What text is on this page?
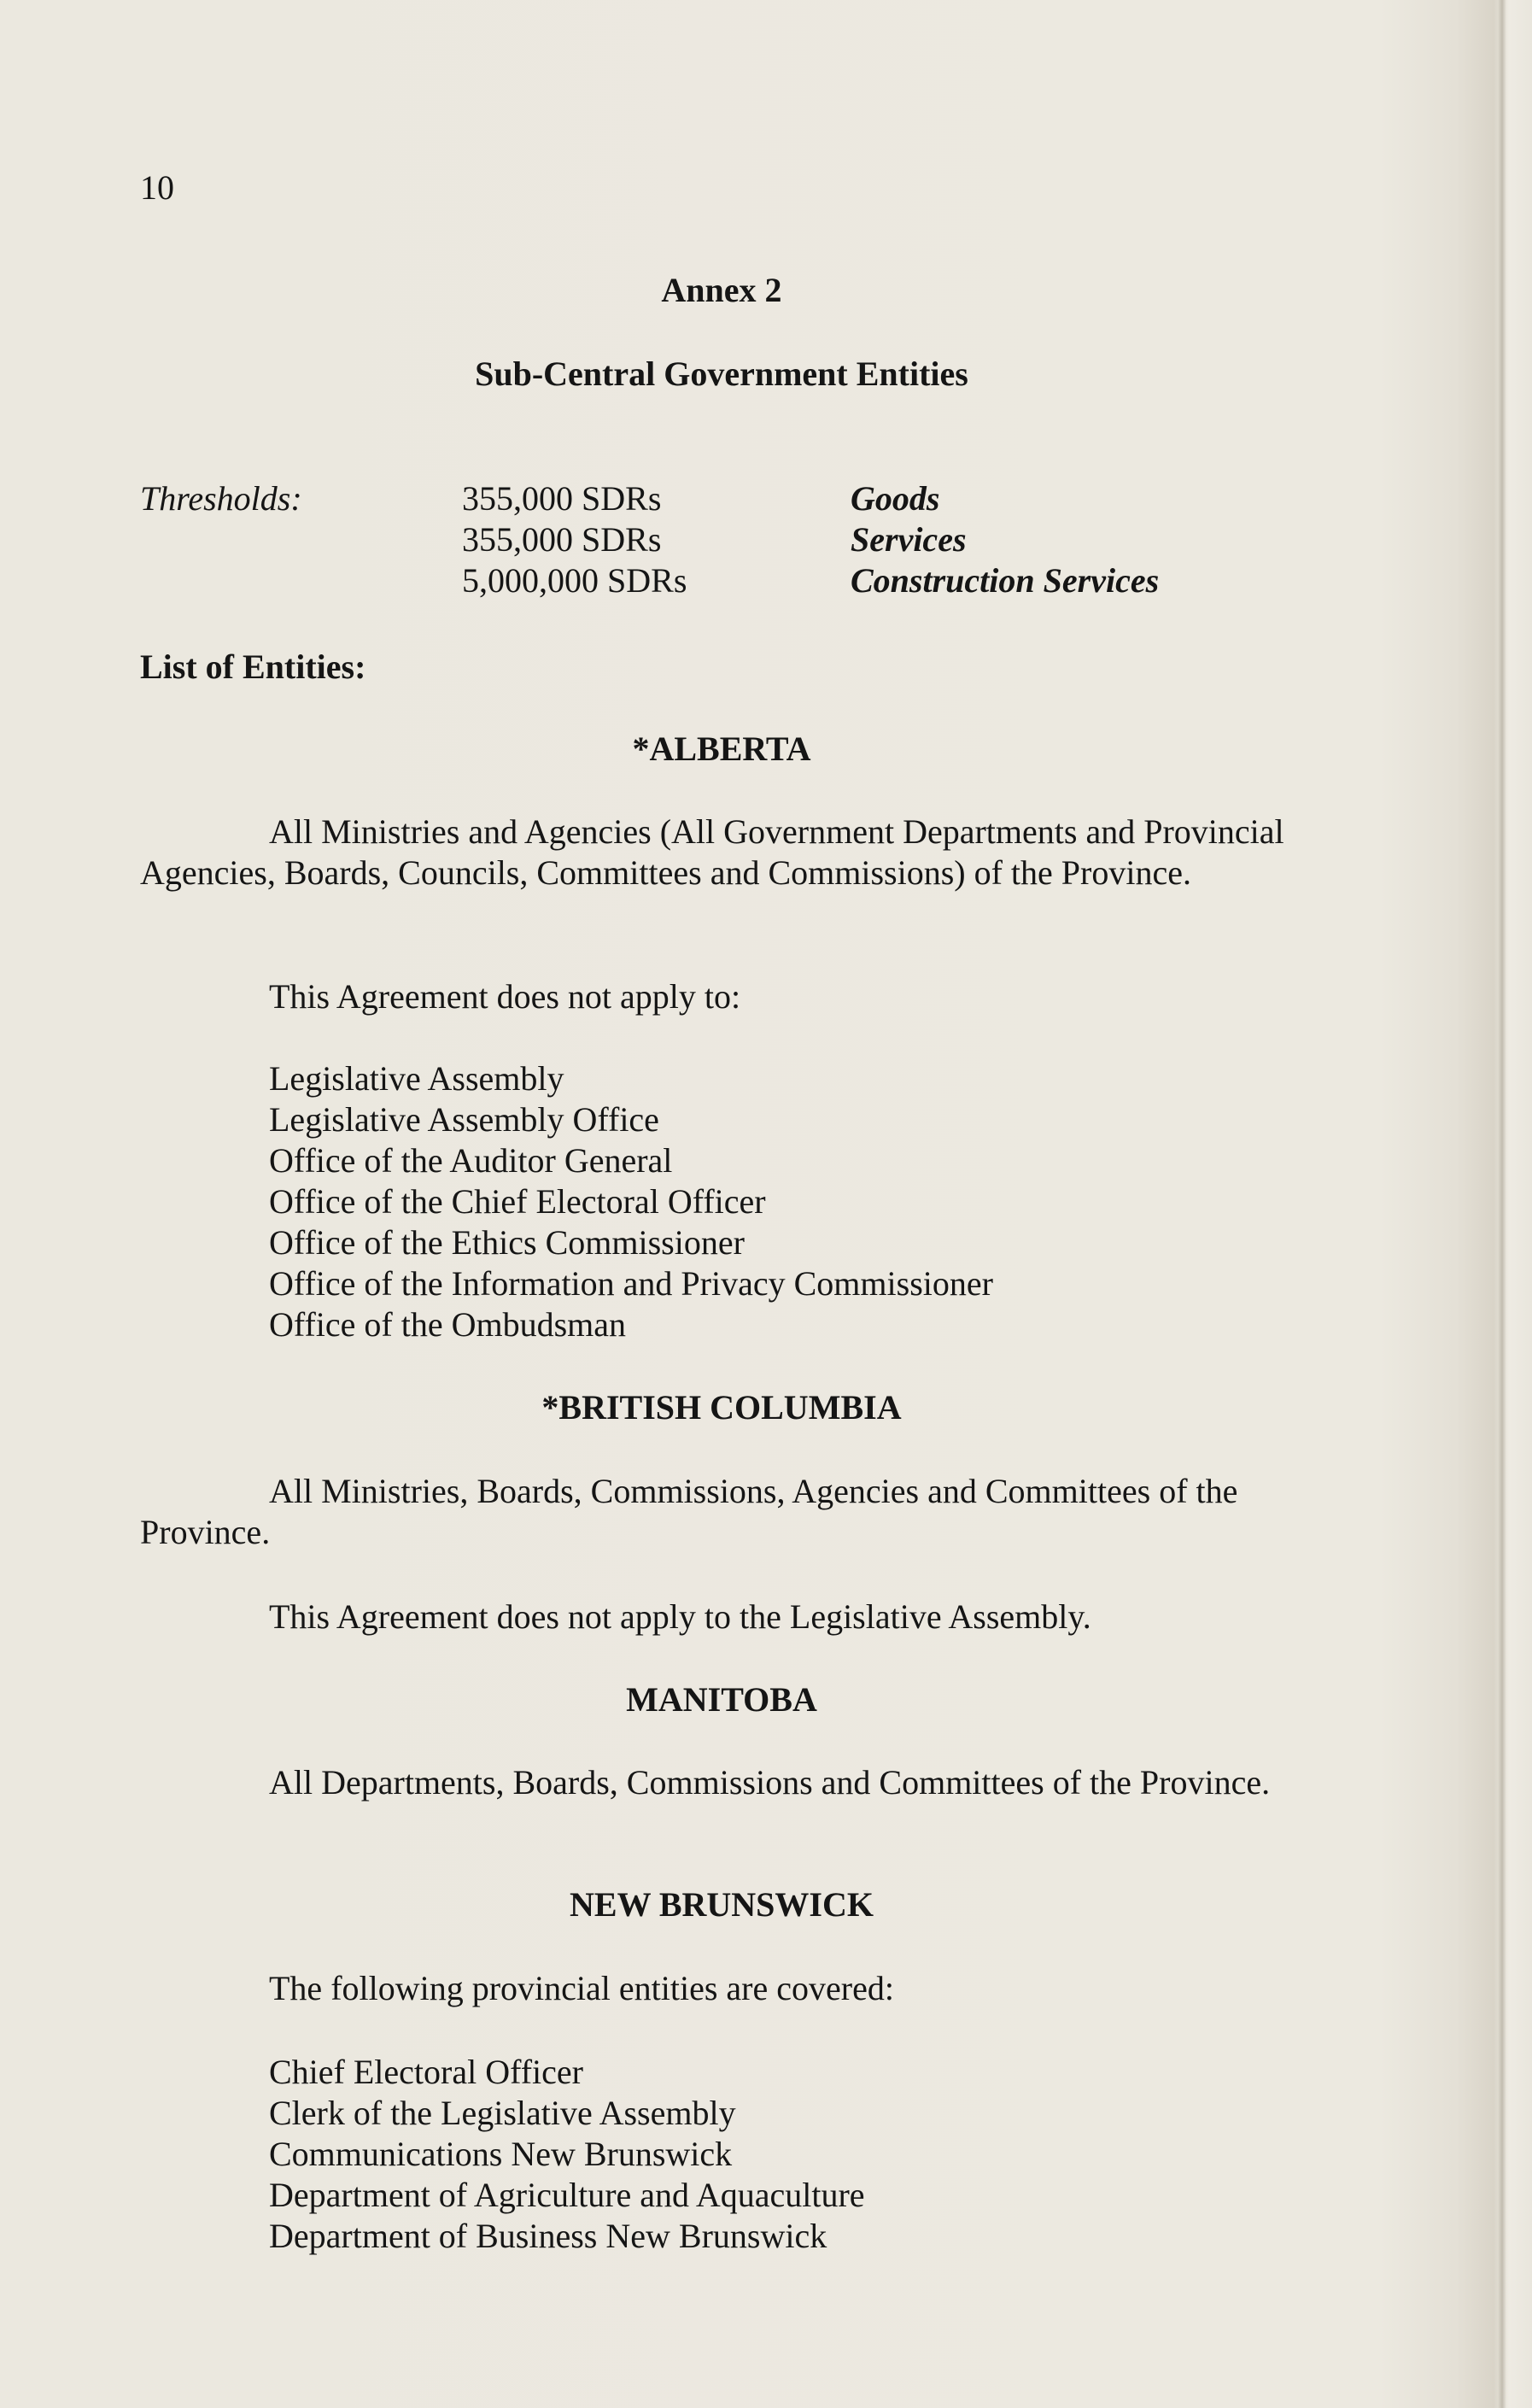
10
Annex 2
Sub-Central Government Entities
Thresholds:	355,000 SDRs	Goods
355,000 SDRs	Services
5,000,000 SDRs	Construction Services
List of Entities:
*ALBERTA
All Ministries and Agencies (All Government Departments and Provincial Agencies, Boards, Councils, Committees and Commissions) of the Province.
This Agreement does not apply to:
Legislative Assembly
Legislative Assembly Office
Office of the Auditor General
Office of the Chief Electoral Officer
Office of the Ethics Commissioner
Office of the Information and Privacy Commissioner
Office of the Ombudsman
*BRITISH COLUMBIA
All Ministries, Boards, Commissions, Agencies and Committees of the Province.
This Agreement does not apply to the Legislative Assembly.
MANITOBA
All Departments, Boards, Commissions and Committees of the Province.
NEW BRUNSWICK
The following provincial entities are covered:
Chief Electoral Officer
Clerk of the Legislative Assembly
Communications New Brunswick
Department of Agriculture and Aquaculture
Department of Business New Brunswick
